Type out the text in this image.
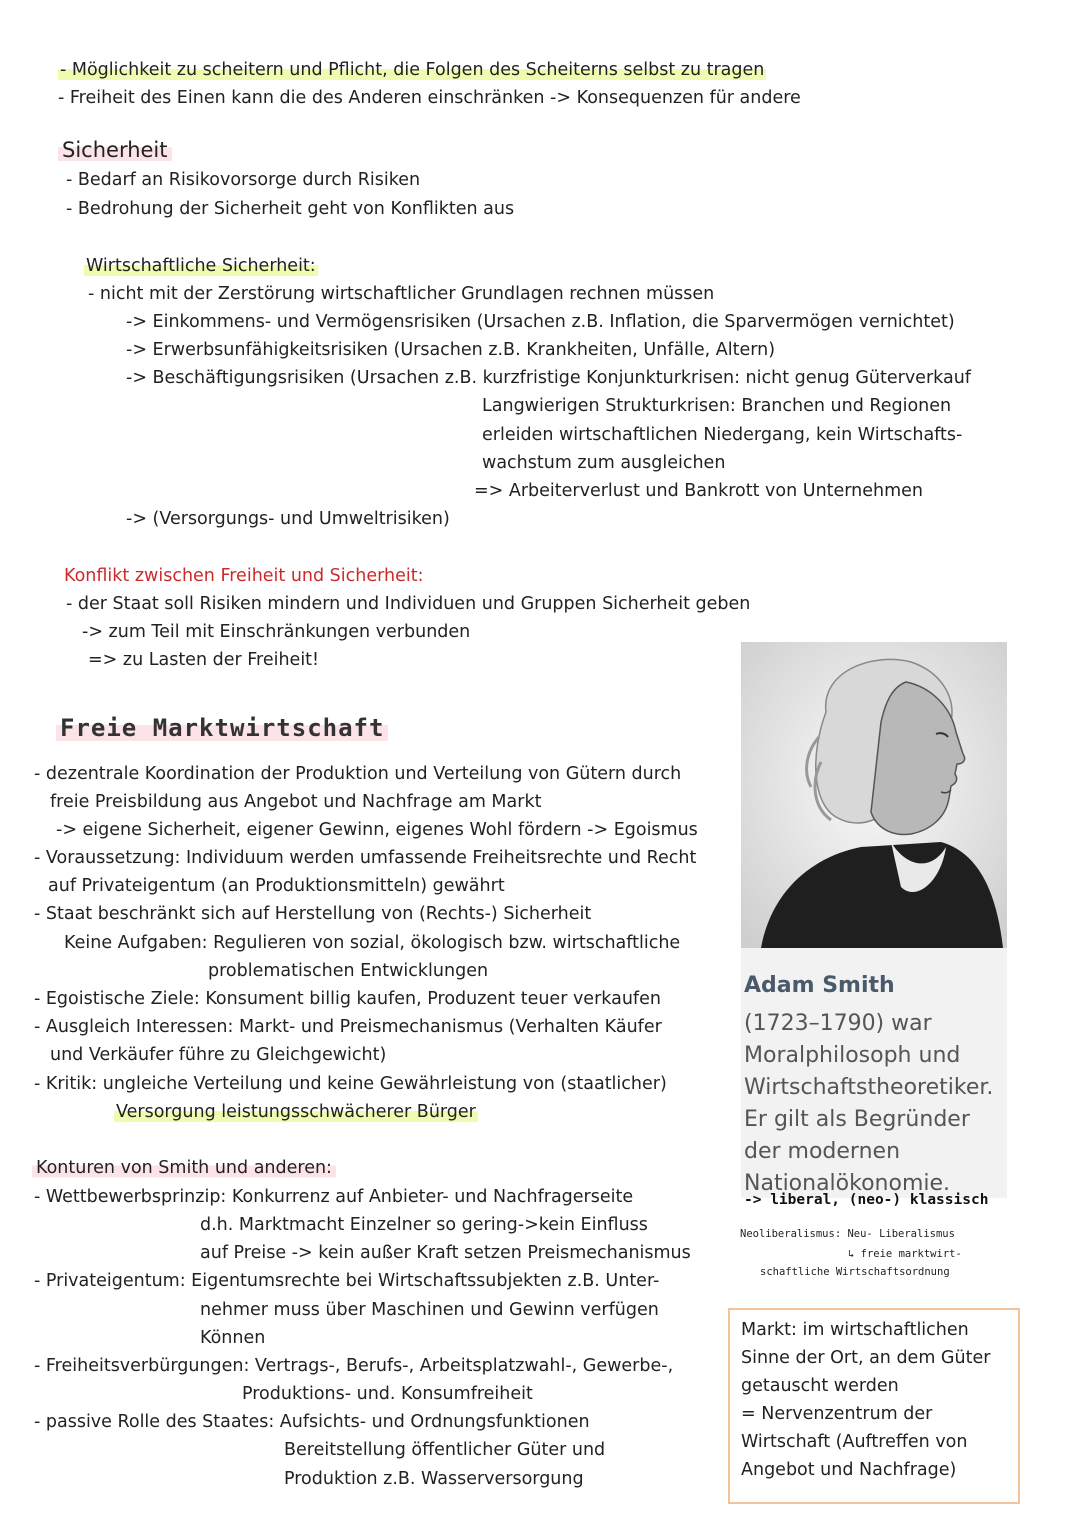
- Möglichkeit zu scheitern und Pflicht, die Folgen des Scheiterns selbst zu tragen
- Freiheit des Einen kann die des Anderen einschränken -> Konsequenzen für andere
Sicherheit
- Bedarf an Risikovorsorge durch Risiken
- Bedrohung der Sicherheit geht von Konflikten aus
Wirtschaftliche Sicherheit:
- nicht mit der Zerstörung wirtschaftlicher Grundlagen rechnen müssen
-> Einkommens- und Vermögensrisiken (Ursachen z.B. Inflation, die Sparvermögen vernichtet)
-> Erwerbsunfähigkeitsrisiken (Ursachen z.B. Krankheiten, Unfälle, Altern)
-> Beschäftigungsrisiken (Ursachen z.B. kurzfristige Konjunkturkrisen: nicht genug Güterverkauf
Langwierigen Strukturkrisen: Branchen und Regionen
erleiden wirtschaftlichen Niedergang, kein Wirtschafts-
wachstum zum ausgleichen
=> Arbeiterverlust und Bankrott von Unternehmen
-> (Versorgungs- und Umweltrisiken)
Konflikt zwischen Freiheit und Sicherheit:
- der Staat soll Risiken mindern und Individuen und Gruppen Sicherheit geben
-> zum Teil mit Einschränkungen verbunden
=> zu Lasten der Freiheit!
Freie Marktwirtschaft
- dezentrale Koordination der Produktion und Verteilung von Gütern durch
freie Preisbildung aus Angebot und Nachfrage am Markt
-> eigene Sicherheit, eigener Gewinn, eigenes Wohl fördern -> Egoismus
- Voraussetzung: Individuum werden umfassende Freiheitsrechte und Recht
auf Privateigentum (an Produktionsmitteln) gewährt
- Staat beschränkt sich auf Herstellung von (Rechts-) Sicherheit
Keine Aufgaben: Regulieren von sozial, ökologisch bzw. wirtschaftliche
problematischen Entwicklungen
- Egoistische Ziele: Konsument billig kaufen, Produzent teuer verkaufen
- Ausgleich Interessen: Markt- und Preismechanismus (Verhalten Käufer
und Verkäufer führe zu Gleichgewicht)
- Kritik: ungleiche Verteilung und keine Gewährleistung von (staatlicher)
Versorgung leistungsschwächerer Bürger
Konturen von Smith und anderen:
- Wettbewerbsprinzip: Konkurrenz auf Anbieter- und Nachfragerseite
d.h. Marktmacht Einzelner so gering->kein Einfluss
auf Preise -> kein außer Kraft setzen Preismechanismus
- Privateigentum: Eigentumsrechte bei Wirtschaftssubjekten z.B. Unter-
nehmer muss über Maschinen und Gewinn verfügen
Können
- Freiheitsverbürgungen: Vertrags-, Berufs-, Arbeitsplatzwahl-, Gewerbe-,
Produktions- und. Konsumfreiheit
- passive Rolle des Staates: Aufsichts- und Ordnungsfunktionen
Bereitstellung öffentlicher Güter und
Produktion z.B. Wasserversorgung
Adam Smith
(1723–1790) war
Moralphilosoph und
Wirtschaftstheoretiker.
Er gilt als Begründer
der modernen
Nationalökonomie.
-> liberal, (neo-) klassisch
Neoliberalismus: Neu- Liberalismus
↳ freie marktwirt-
schaftliche Wirtschaftsordnung
Markt: im wirtschaftlichen
Sinne der Ort, an dem Güter
getauscht werden
= Nervenzentrum der
Wirtschaft (Auftreffen von
Angebot und Nachfrage)
